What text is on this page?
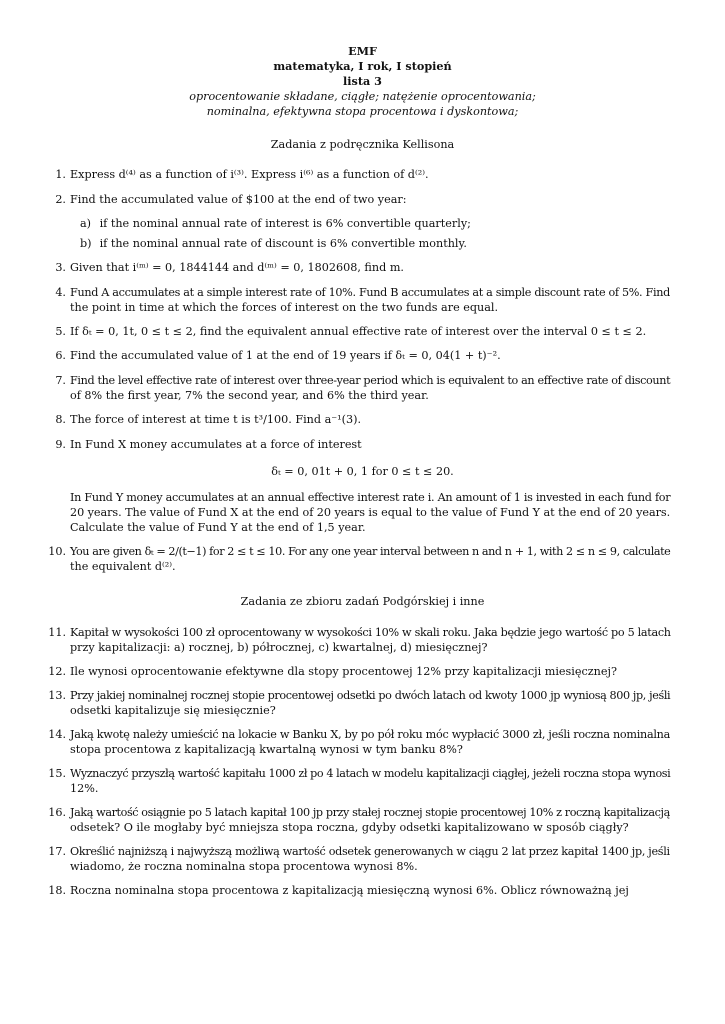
EMF
matematyka, I rok, I stopień
lista 3
oprocentowanie składane, ciągłe; natężenie oprocentowania;
nominalna, efektywna stopa procentowa i dyskontowa;
Zadania z podręcznika Kellisona
1. Express d⁽⁴⁾ as a function of i⁽³⁾. Express i⁽⁶⁾ as a function of d⁽²⁾.
2. Find the accumulated value of $100 at the end of two year:
a) if the nominal annual rate of interest is 6% convertible quarterly;
b) if the nominal annual rate of discount is 6% convertible monthly.
3. Given that i⁽ᵐ⁾ = 0, 1844144 and d⁽ᵐ⁾ = 0, 1802608, find m.
4. Fund A accumulates at a simple interest rate of 10%. Fund B accumulates at a simple discount rate of 5%. Find
the point in time at which the forces of interest on the two funds are equal.
5. If δₜ = 0, 1t, 0 ≤ t ≤ 2, find the equivalent annual effective rate of interest over the interval 0 ≤ t ≤ 2.
6. Find the accumulated value of 1 at the end of 19 years if δₜ = 0, 04(1 + t)⁻².
7. Find the level effective rate of interest over three-year period which is equivalent to an effective rate of discount
of 8% the first year, 7% the second year, and 6% the third year.
8. The force of interest at time t is t³/100. Find a⁻¹(3).
9. In Fund X money accumulates at a force of interest
δₜ = 0, 01t + 0, 1 for 0 ≤ t ≤ 20.
In Fund Y money accumulates at an annual effective interest rate i. An amount of 1 is invested in each fund for
20 years. The value of Fund X at the end of 20 years is equal to the value of Fund Y at the end of 20 years.
Calculate the value of Fund Y at the end of 1,5 year.
10. You are given δₜ = 2/(t−1) for 2 ≤ t ≤ 10. For any one year interval between n and n + 1, with 2 ≤ n ≤ 9, calculate
the equivalent d⁽²⁾.
Zadania ze zbioru zadań Podgórskiej i inne
11. Kapitał w wysokości 100 zł oprocentowany w wysokości 10% w skali roku. Jaka będzie jego wartość po 5 latach
przy kapitalizacji: a) rocznej, b) półrocznej, c) kwartalnej, d) miesięcznej?
12. Ile wynosi oprocentowanie efektywne dla stopy procentowej 12% przy kapitalizacji miesięcznej?
13. Przy jakiej nominalnej rocznej stopie procentowej odsetki po dwóch latach od kwoty 1000 jp wyniosą 800 jp, jeśli
odsetki kapitalizuje się miesięcznie?
14. Jaką kwotę należy umieścić na lokacie w Banku X, by po pół roku móc wypłacić 3000 zł, jeśli roczna nominalna
stopa procentowa z kapitalizacją kwartalną wynosi w tym banku 8%?
15. Wyznaczyć przyszłą wartość kapitału 1000 zł po 4 latach w modelu kapitalizacji ciągłej, jeżeli roczna stopa wynosi
12%.
16. Jaką wartość osiągnie po 5 latach kapitał 100 jp przy stałej rocznej stopie procentowej 10% z roczną kapitalizacją
odsetek? O ile mogłaby być mniejsza stopa roczna, gdyby odsetki kapitalizowano w sposób ciągły?
17. Określić najniższą i najwyższą możliwą wartość odsetek generowanych w ciągu 2 lat przez kapitał 1400 jp, jeśli
wiadomo, że roczna nominalna stopa procentowa wynosi 8%.
18. Roczna nominalna stopa procentowa z kapitalizacją miesięczną wynosi 6%. Oblicz równoważną jej
